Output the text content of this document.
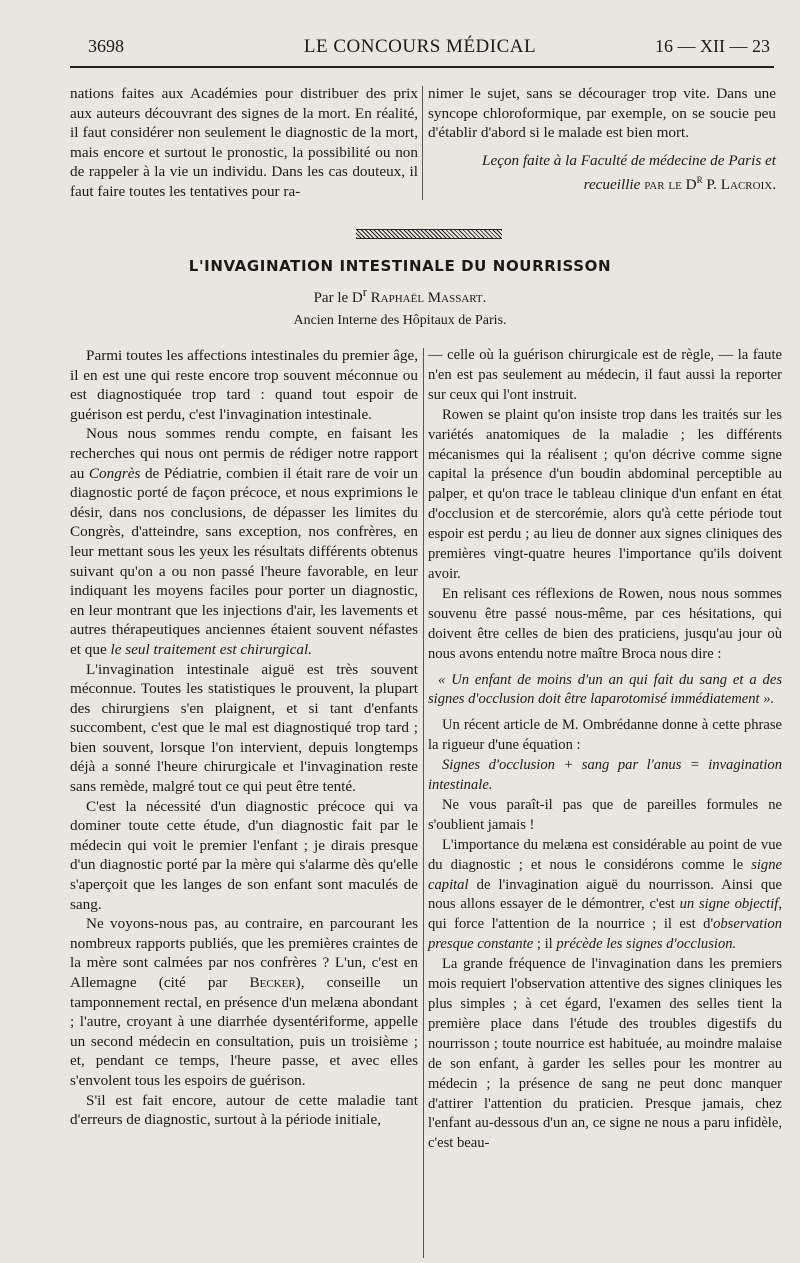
3698	LE CONCOURS MÉDICAL	16 — XII — 23

nations faites aux Académies pour distribuer des prix aux auteurs découvrant des signes de la mort. En réalité, il faut considérer non seulement le diagnostic de la mort, mais encore et surtout le pronostic, la possibilité ou non de rappeler à la vie un individu. Dans les cas douteux, il faut faire toutes les tentatives pour ra-

nimer le sujet, sans se décourager trop vite. Dans une syncope chloroformique, par exemple, on se soucie peu d'établir d'abord si le malade est bien mort.

Leçon faite à la Faculté de médecine de Paris et recueillie par le $D^r$ P. Lacroix.

L'INVAGINATION INTESTINALE DU NOURRISSON
Par le $D^r$ Raphaël Massart.
Ancien Interne des Hôpitaux de Paris.

Parmi toutes les affections intestinales du premier âge, il en est une qui reste encore trop souvent méconnue ou est diagnostiquée trop tard : quand tout espoir de guérison est perdu, c'est l'invagination intestinale.

Nous nous sommes rendu compte, en faisant les recherches qui nous ont permis de rédiger notre rapport au Congrès de Pédiatrie, combien il était rare de voir un diagnostic porté de façon précoce, et nous exprimions le désir, dans nos conclusions, de dépasser les limites du Congrès, d'atteindre, sans exception, nos confrères, en leur mettant sous les yeux les résultats différents obtenus suivant qu'on a ou non passé l'heure favorable, en leur indiquant les moyens faciles pour porter un diagnostic, en leur montrant que les injections d'air, les lavements et autres thérapeutiques anciennes étaient souvent néfastes et que le seul traitement est chirurgical.

L'invagination intestinale aiguë est très souvent méconnue. Toutes les statistiques le prouvent, la plupart des chirurgiens s'en plaignent, et si tant d'enfants succombent, c'est que le mal est diagnostiqué trop tard ; bien souvent, lorsque l'on intervient, depuis longtemps déjà a sonné l'heure chirurgicale et l'invagination reste sans remède, malgré tout ce qui peut être tenté.

C'est la nécessité d'un diagnostic précoce qui va dominer toute cette étude, d'un diagnostic fait par le médecin qui voit le premier l'enfant ; je dirais presque d'un diagnostic porté par la mère qui s'alarme dès qu'elle s'aperçoit que les langes de son enfant sont maculés de sang.

Ne voyons-nous pas, au contraire, en parcourant les nombreux rapports publiés, que les premières craintes de la mère sont calmées par nos confrères ? L'un, c'est en Allemagne (cité par Becker), conseille un tamponnement rectal, en présence d'un melæna abondant ; l'autre, croyant à une diarrhée dysentériforme, appelle un second médecin en consultation, puis un troisième ; et, pendant ce temps, l'heure passe, et avec elles s'envolent tous les espoirs de guérison.

S'il est fait encore, autour de cette maladie tant d'erreurs de diagnostic, surtout à la période initiale,

— celle où la guérison chirurgicale est de règle, — la faute n'en est pas seulement au médecin, il faut aussi la reporter sur ceux qui l'ont instruit.

Rowen se plaint qu'on insiste trop dans les traités sur les variétés anatomiques de la maladie ; les différents mécanismes qui la réalisent ; qu'on décrive comme signe capital la présence d'un boudin abdominal perceptible au palper, et qu'on trace le tableau clinique d'un enfant en état d'occlusion et de stercorémie, alors qu'à cette période tout espoir est perdu ; au lieu de donner aux signes cliniques des premières vingt-quatre heures l'importance qu'ils doivent avoir.

En relisant ces réflexions de Rowen, nous nous sommes souvenu être passé nous-même, par ces hésitations, qui doivent être celles de bien des praticiens, jusqu'au jour où nous avons entendu notre maître Broca nous dire :

« Un enfant de moins d'un an qui fait du sang et a des signes d'occlusion doit être laparotomisé immédiatement ».

Un récent article de M. Ombrédanne donne à cette phrase la rigueur d'une équation :

Signes d'occlusion + sang par l'anus = invagination intestinale.

Ne vous paraît-il pas que de pareilles formules ne s'oublient jamais !

L'importance du melæna est considérable au point de vue du diagnostic ; et nous le considérons comme le signe capital de l'invagination aiguë du nourrisson. Ainsi que nous allons essayer de le démontrer, c'est un signe objectif, qui force l'attention de la nourrice ; il est d'observation presque constante ; il précède les signes d'occlusion.

La grande fréquence de l'invagination dans les premiers mois requiert l'observation attentive des signes cliniques les plus simples ; à cet égard, l'examen des selles tient la première place dans l'étude des troubles digestifs du nourrisson ; toute nourrice est habituée, au moindre malaise de son enfant, à garder les selles pour les montrer au médecin ; la présence de sang ne peut donc manquer d'attirer l'attention du praticien. Presque jamais, chez l'enfant au-dessous d'un an, ce signe ne nous a paru infidèle, c'est beau-
